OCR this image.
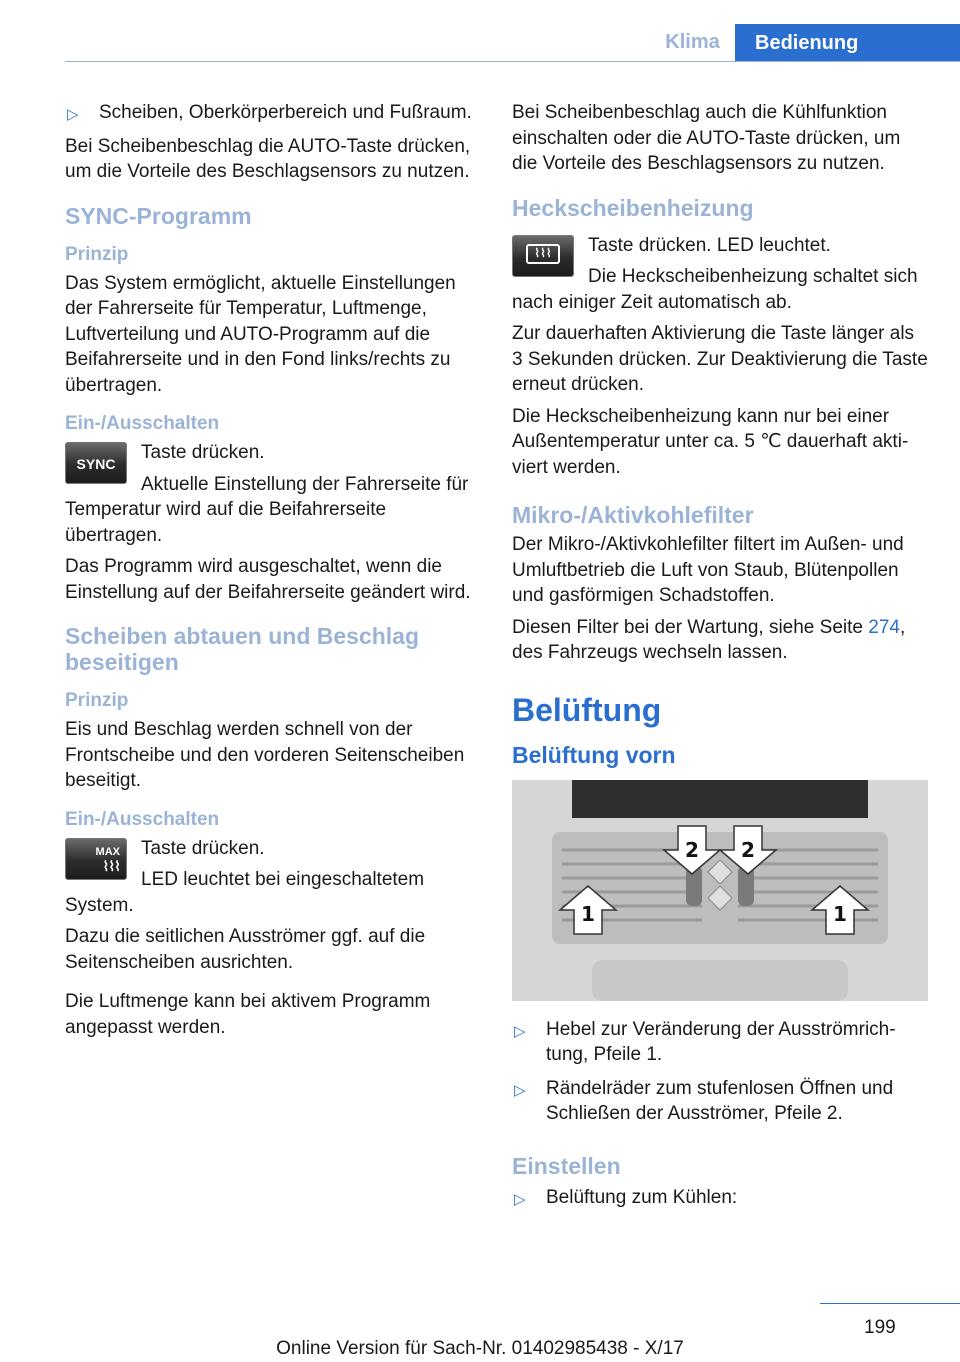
Klima	Bedienung
▷ Scheiben, Oberkörperbereich und Fußraum.

Bei Scheibenbeschlag die AUTO-Taste drücken, um die Vorteile des Beschlagsensors zu nutzen.

SYNC-Programm
Prinzip

Das System ermöglicht, aktuelle Einstellungen der Fahrerseite für Temperatur, Luftmenge, Luftverteilung und AUTO-Programm auf die Beifahrerseite und in den Fond links/rechts zu übertragen.

Ein-/Ausschalten
SYNC

Taste drücken.

Aktuelle Einstellung der Fahrerseite für Temperatur wird auf die Beifahrerseite übertragen.

Das Programm wird ausgeschaltet, wenn die Einstellung auf der Beifahrerseite geändert wird.

Scheiben abtauen und Beschlag beseitigen
Prinzip

Eis und Beschlag werden schnell von der Frontscheibe und den vorderen Seitenscheiben beseitigt.

Ein-/Ausschalten
MAX
⌇⌇⌇

Taste drücken.

LED leuchtet bei eingeschaltetem System.

Dazu die seitlichen Ausströmer ggf. auf die Seitenscheiben ausrichten.

Die Luftmenge kann bei aktivem Programm angepasst werden.

Bei Scheibenbeschlag auch die Kühlfunktion einschalten oder die AUTO-Taste drücken, um die Vorteile des Beschlagsensors zu nutzen.

Heckscheibenheizung
⌇⌇⌇	Taste drücken. LED leuchtet.

Die Heckscheibenheizung schaltet sich nach einiger Zeit automatisch ab.

Zur dauerhaften Aktivierung die Taste länger als 3 Sekunden drücken. Zur Deaktivierung die Taste erneut drücken.

Die Heckscheibenheizung kann nur bei einer Außentemperatur unter ca. 5 ℃ dauerhaft aktiviert werden.

Mikro-/Aktivkohlefilter

Der Mikro-/Aktivkohlefilter filtert im Außen- und Umluftbetrieb die Luft von Staub, Blütenpollen und gasförmigen Schadstoffen.

Diesen Filter bei der Wartung, siehe Seite 274, des Fahrzeugs wechseln lassen.

Belüftung
Belüftung vorn
2 2
1	1
▷ Hebel zur Veränderung der Ausströmrichtung, Pfeile 1.
▷ Rändelräder zum stufenlosen Öffnen und Schließen der Ausströmer, Pfeile 2.
Einstellen
▷ Belüftung zum Kühlen:
199
Online Version für Sach-Nr. 01402985438 - X/17
